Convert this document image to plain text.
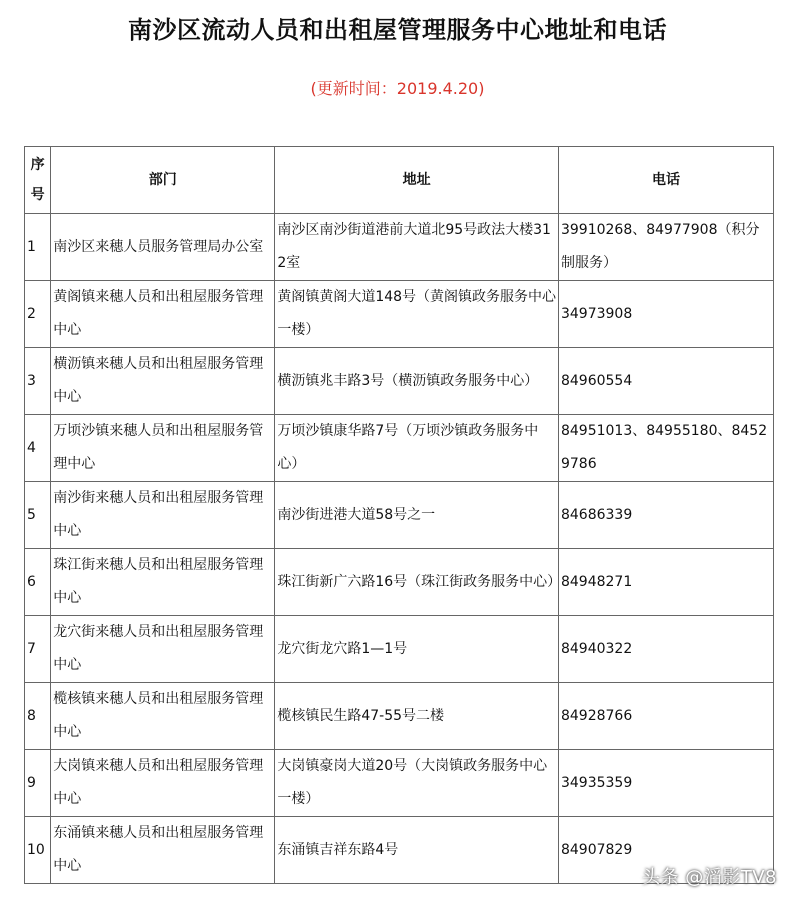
南沙区流动人员和出租屋管理服务中心地址和电话
(更新时间：2019.4.20)
序号	部门	地址	电话
1	南沙区来穗人员服务管理局办公室	南沙区南沙街道港前大道北95号政法大楼312室	39910268、84977908（积分制服务）
2	黄阁镇来穗人员和出租屋服务管理中心	黄阁镇黄阁大道148号（黄阁镇政务服务中心一楼）	34973908
3	横沥镇来穗人员和出租屋服务管理中心	横沥镇兆丰路3号（横沥镇政务服务中心）	84960554
4	万顷沙镇来穗人员和出租屋服务管理中心	万顷沙镇康华路7号（万顷沙镇政务服务中心）	84951013、84955180、84529786
5	南沙街来穗人员和出租屋服务管理中心	南沙街进港大道58号之一	84686339
6	珠江街来穗人员和出租屋服务管理中心	珠江街新广六路16号（珠江街政务服务中心）	84948271
7	龙穴街来穗人员和出租屋服务管理中心	龙穴街龙穴路1—1号	84940322
8	榄核镇来穗人员和出租屋服务管理中心	榄核镇民生路47-55号二楼	84928766
9	大岗镇来穗人员和出租屋服务管理中心	大岗镇豪岗大道20号（大岗镇政务服务中心一楼）	34935359
10	东涌镇来穗人员和出租屋服务管理中心	东涌镇吉祥东路4号	84907829
头条 @滔影TV8
